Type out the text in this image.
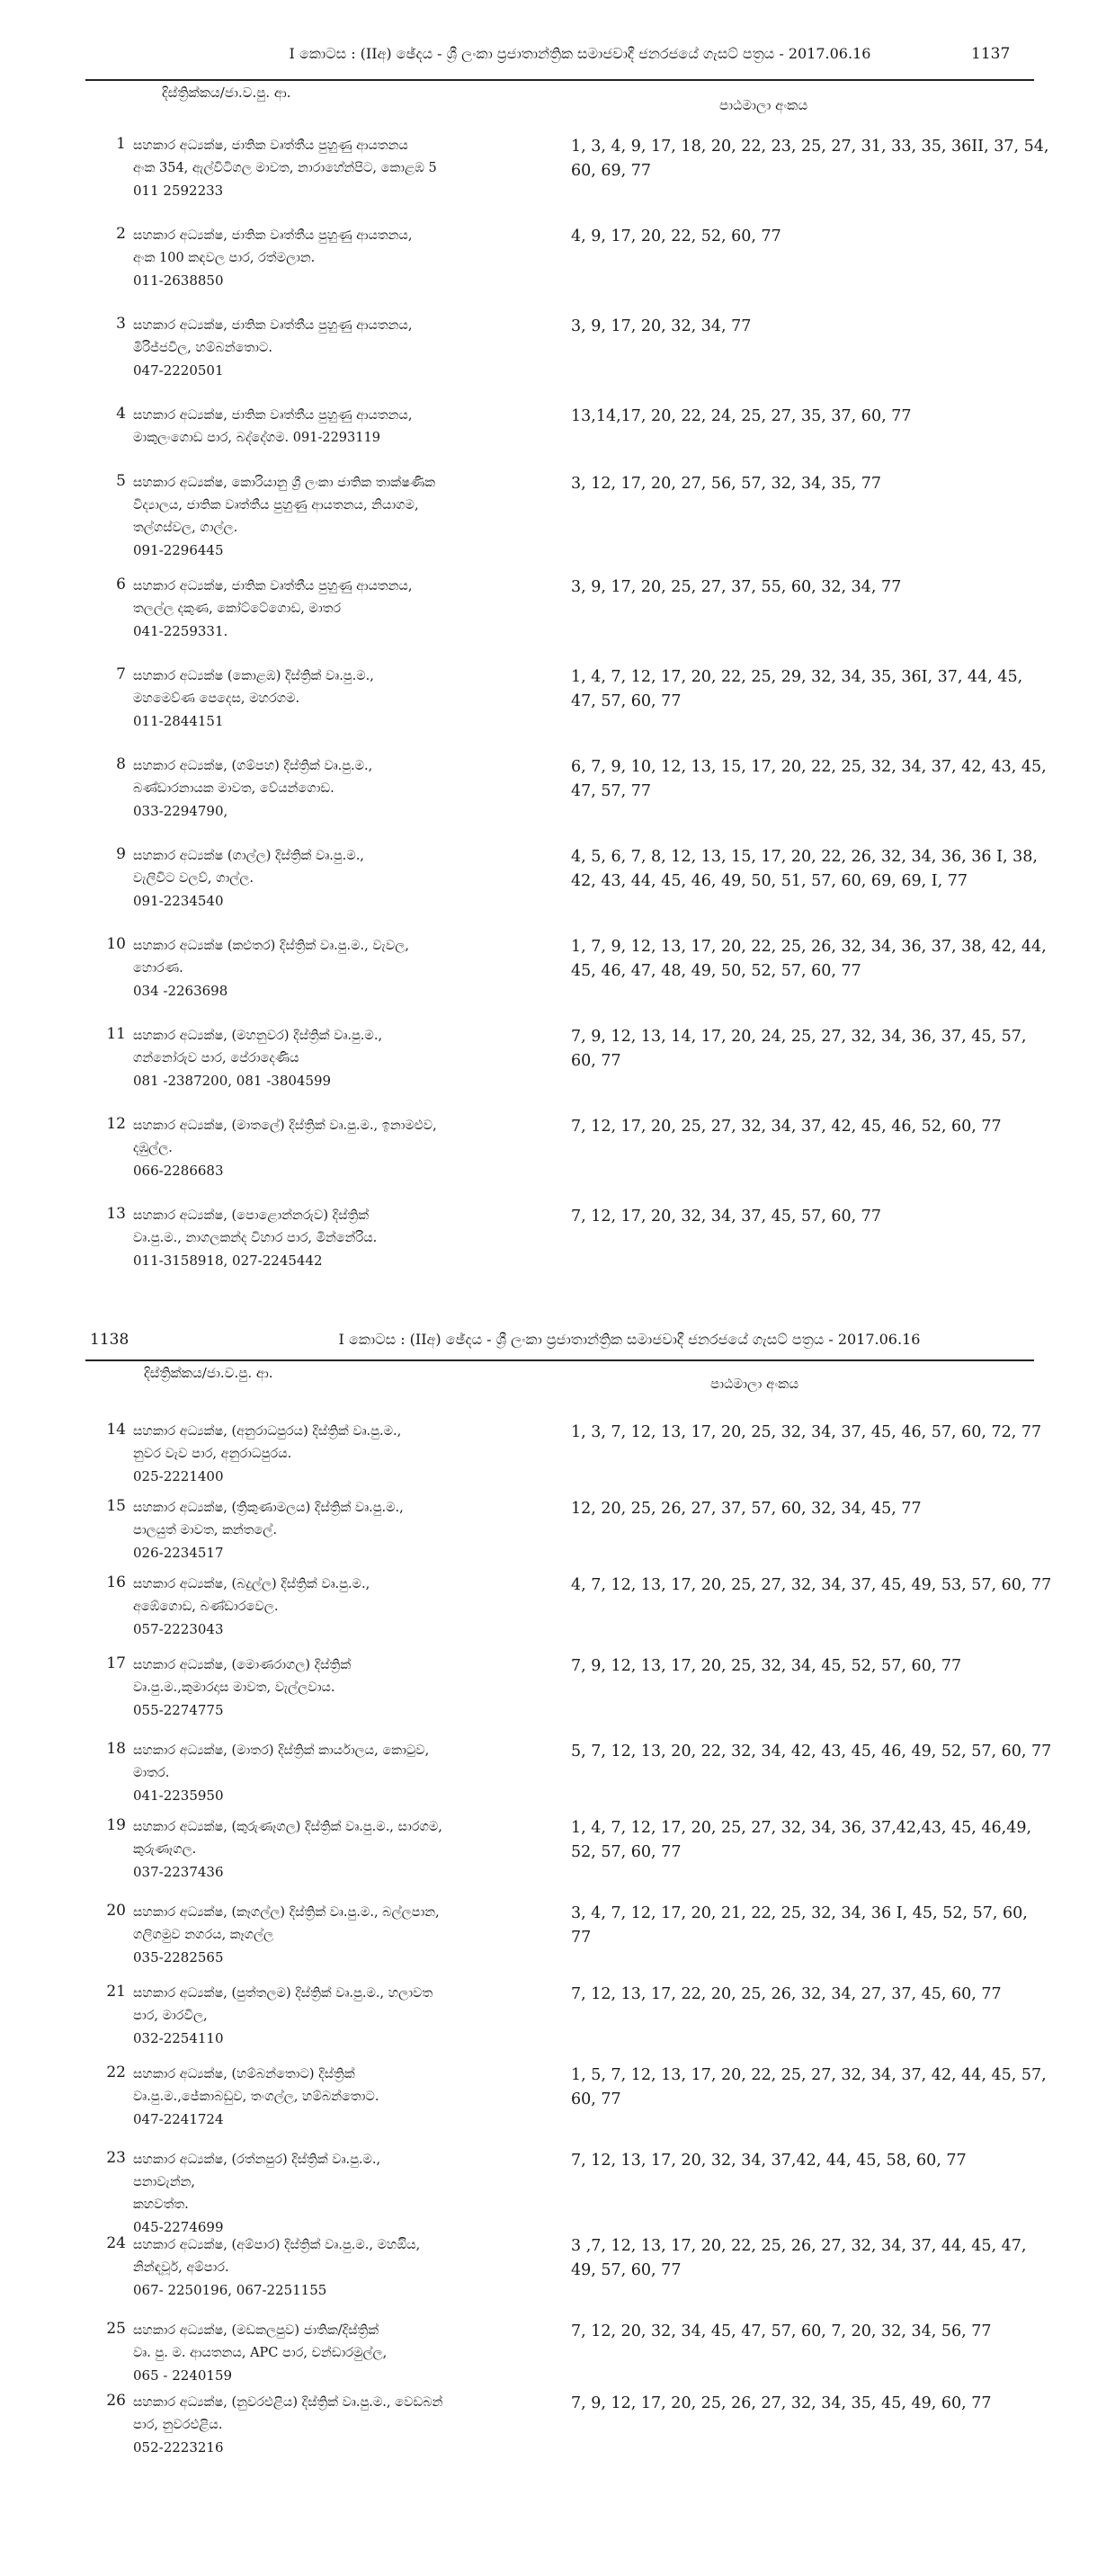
I කොටස : (IIඅ) ඡේදය - ශ්‍රී ලංකා ප්‍රජාතාන්ත්‍රික සමාජවාදී ජනරජයේ ගැසට් පත්‍රය - 2017.06.16	1137
දිස්ත්‍රික්කය/ජා.ව.පු. ආ.
පාඨමාලා අංකය
1 සහකාර අධ්‍යක්ෂ, ජාතික වෘත්තීය පුහුණු ආයතනය
අංක 354, ඇල්විටිගල මාවත, නාරාහේන්පිට, කොළඹ 5
011 2592233
1, 3, 4, 9, 17, 18, 20, 22, 23, 25, 27, 31, 33, 35, 36II, 37, 54,
60, 69, 77
2 සහකාර අධ්‍යක්ෂ, ජාතික වෘත්තීය පුහුණු ආයතනය,
අංක 100 කඳවල පාර, රත්මලාන.
011-2638850
4, 9, 17, 20, 22, 52, 60, 77
3 සහකාර අධ්‍යක්ෂ, ජාතික වෘත්තීය පුහුණු ආයතනය,
මිරිජ්ජවිල, හම්බන්තොට.
047-2220501
3, 9, 17, 20, 32, 34, 77
4 සහකාර අධ්‍යක්ෂ, ජාතික වෘත්තීය පුහුණු ආයතනය,
මාකුලංගොඩ පාර, බද්දේගම. 091-2293119
13,14,17, 20, 22, 24, 25, 27, 35, 37, 60, 77
5 සහකාර අධ්‍යක්ෂ, කොරියානු ශ්‍රී ලංකා ජාතික තාක්ෂණික
විද්‍යාලය, ජාතික වෘත්තීය පුහුණු ආයතනය, නියාගම,
තල්ගස්වල, ගාල්ල.
091-2296445
3, 12, 17, 20, 27, 56, 57, 32, 34, 35, 77
6 සහකාර අධ්‍යක්ෂ, ජාතික වෘත්තීය පුහුණු ආයතනය,
තලල්ල දකුණ, කෝට්ටේගොඩ, මාතර
041-2259331.
3, 9, 17, 20, 25, 27, 37, 55, 60, 32, 34, 77
7 සහකාර අධ්‍යක්ෂ (කොළඹ) දිස්ත්‍රික් වෘ.පු.ම.,
මහමෙව්ණ පෙදෙස, මහරගම.
011-2844151
1, 4, 7, 12, 17, 20, 22, 25, 29, 32, 34, 35, 36I, 37, 44, 45,
47, 57, 60, 77
8 සහකාර අධ්‍යක්ෂ, (ගම්පහ) දිස්ත්‍රික් වෘ.පු.ම.,
බණ්ඩාරනායක මාවත, වේයන්ගොඩ.
033-2294790,
6, 7, 9, 10, 12, 13, 15, 17, 20, 22, 25, 32, 34, 37, 42, 43, 45,
47, 57, 77
9 සහකාර අධ්‍යක්ෂ (ගාල්ල) දිස්ත්‍රික් වෘ.පු.ම.,
වැලිවිට වලව්, ගාල්ල.
091-2234540
4, 5, 6, 7, 8, 12, 13, 15, 17, 20, 22, 26, 32, 34, 36, 36 I, 38,
42, 43, 44, 45, 46, 49, 50, 51, 57, 60, 69, 69, I, 77
10 සහකාර අධ්‍යක්ෂ (කළුතර) දිස්ත්‍රික් වෘ.පු.ම., වැවල,
හොරණ.
034 -2263698
1, 7, 9, 12, 13, 17, 20, 22, 25, 26, 32, 34, 36, 37, 38, 42, 44,
45, 46, 47, 48, 49, 50, 52, 57, 60, 77
11 සහකාර අධ්‍යක්ෂ, (මහනුවර) දිස්ත්‍රික් වෘ.පු.ම.,
ගන්නෝරුව පාර, පේරාදෙණිය
081 -2387200, 081 -3804599
7, 9, 12, 13, 14, 17, 20, 24, 25, 27, 32, 34, 36, 37, 45, 57,
60, 77
12 සහකාර අධ්‍යක්ෂ, (මාතලේ) දිස්ත්‍රික් වෘ.පු.ම., ඉනාමළුව,
දඹුල්ල.
066-2286683
7, 12, 17, 20, 25, 27, 32, 34, 37, 42, 45, 46, 52, 60, 77
13 සහකාර අධ්‍යක්ෂ, (පොළොන්නරුව) දිස්ත්‍රික්
වෘ.පු.ම., නාගලකන්ද විහාර පාර, මින්නේරිය.
011-3158918, 027-2245442
7, 12, 17, 20, 32, 34, 37, 45, 57, 60, 77
1138	I කොටස : (IIඅ) ඡේදය - ශ්‍රී ලංකා ප්‍රජාතාන්ත්‍රික සමාජවාදී ජනරජයේ ගැසට් පත්‍රය - 2017.06.16
දිස්ත්‍රික්කය/ජා.ව.පු. ආ.
පාඨමාලා අංකය
14 සහකාර අධ්‍යක්ෂ, (අනුරාධපුරය) දිස්ත්‍රික් වෘ.පු.ම.,
නුවර වැව පාර, අනුරාධපුරය.
025-2221400
1, 3, 7, 12, 13, 17, 20, 25, 32, 34, 37, 45, 46, 57, 60, 72, 77
15 සහකාර අධ්‍යක්ෂ, (ත්‍රිකුණාමලය) දිස්ත්‍රික් වෘ.පු.ම.,
පාලයුත් මාවත, කන්තලේ.
026-2234517
12, 20, 25, 26, 27, 37, 57, 60, 32, 34, 45, 77
16 සහකාර අධ්‍යක්ෂ, (බදුල්ල) දිස්ත්‍රික් වෘ.පු.ම.,
අඹේගොඩ, බණ්ඩාරවෙල.
057-2223043
4, 7, 12, 13, 17, 20, 25, 27, 32, 34, 37, 45, 49, 53, 57, 60, 77
17 සහකාර අධ්‍යක්ෂ, (මොණරාගල) දිස්ත්‍රික්
වෘ.පු.ම.,කුමාරදාස මාවත, වැල්ලවාය.
055-2274775
7, 9, 12, 13, 17, 20, 25, 32, 34, 45, 52, 57, 60, 77
18 සහකාර අධ්‍යක්ෂ, (මාතර) දිස්ත්‍රික් කාර්යාලය, කොටුව,
මාතර.
041-2235950
5, 7, 12, 13, 20, 22, 32, 34, 42, 43, 45, 46, 49, 52, 57, 60, 77
19 සහකාර අධ්‍යක්ෂ, (කුරුණෑගල) දිස්ත්‍රික් වෘ.පු.ම., සාරගම,
කුරුණෑගල.
037-2237436
1, 4, 7, 12, 17, 20, 25, 27, 32, 34, 36, 37,42,43, 45, 46,49,
52, 57, 60, 77
20 සහකාර අධ්‍යක්ෂ, (කෑගල්ල) දිස්ත්‍රික් වෘ.පු.ම., බල්ලපාන,
ගලිගමුව නගරය, කෑගල්ල
035-2282565
3, 4, 7, 12, 17, 20, 21, 22, 25, 32, 34, 36 I, 45, 52, 57, 60,
77
21 සහකාර අධ්‍යක්ෂ, (පුත්තලම) දිස්ත්‍රික් වෘ.පු.ම., හලාවත
පාර, මාරවිල,
032-2254110
7, 12, 13, 17, 22, 20, 25, 26, 32, 34, 27, 37, 45, 60, 77
22 සහකාර අධ්‍යක්ෂ, (හම්බන්තොට) දිස්ත්‍රික්
වෘ.පු.ම.,ජේකාබඩුව, තංගල්ල, හම්බන්තොට.
047-2241724
1, 5, 7, 12, 13, 17, 20, 22, 25, 27, 32, 34, 37, 42, 44, 45, 57,
60, 77
23 සහකාර අධ්‍යක්ෂ, (රත්නපුර) දිස්ත්‍රික් වෘ.පු.ම.,
පනාවැන්න,
කහවත්ත.
045-2274699
7, 12, 13, 17, 20, 32, 34, 37,42, 44, 45, 58, 60, 77
24 සහකාර අධ්‍යක්ෂ, (අම්පාර) දිස්ත්‍රික් වෘ.පු.ම., මහඔිය,
නින්ඳවූර්, අම්පාර.
067- 2250196, 067-2251155
3 ,7, 12, 13, 17, 20, 22, 25, 26, 27, 32, 34, 37, 44, 45, 47,
49, 57, 60, 77
25 සහකාර අධ්‍යක්ෂ, (මඩකලපුව) ජාතික/දිස්ත්‍රික්
වෘ. පු. ම. ආයතනය, APC පාර, චන්ඩාරමුල්ල,
065 - 2240159
7, 12, 20, 32, 34, 45, 47, 57, 60, 7, 20, 32, 34, 56, 77
26 සහකාර අධ්‍යක්ෂ, (නුවරඑළිය) දිස්ත්‍රික් වෘ.පු.ම., වෙඩබන්
පාර, නුවරඑළිය.
052-2223216
7, 9, 12, 17, 20, 25, 26, 27, 32, 34, 35, 45, 49, 60, 77
